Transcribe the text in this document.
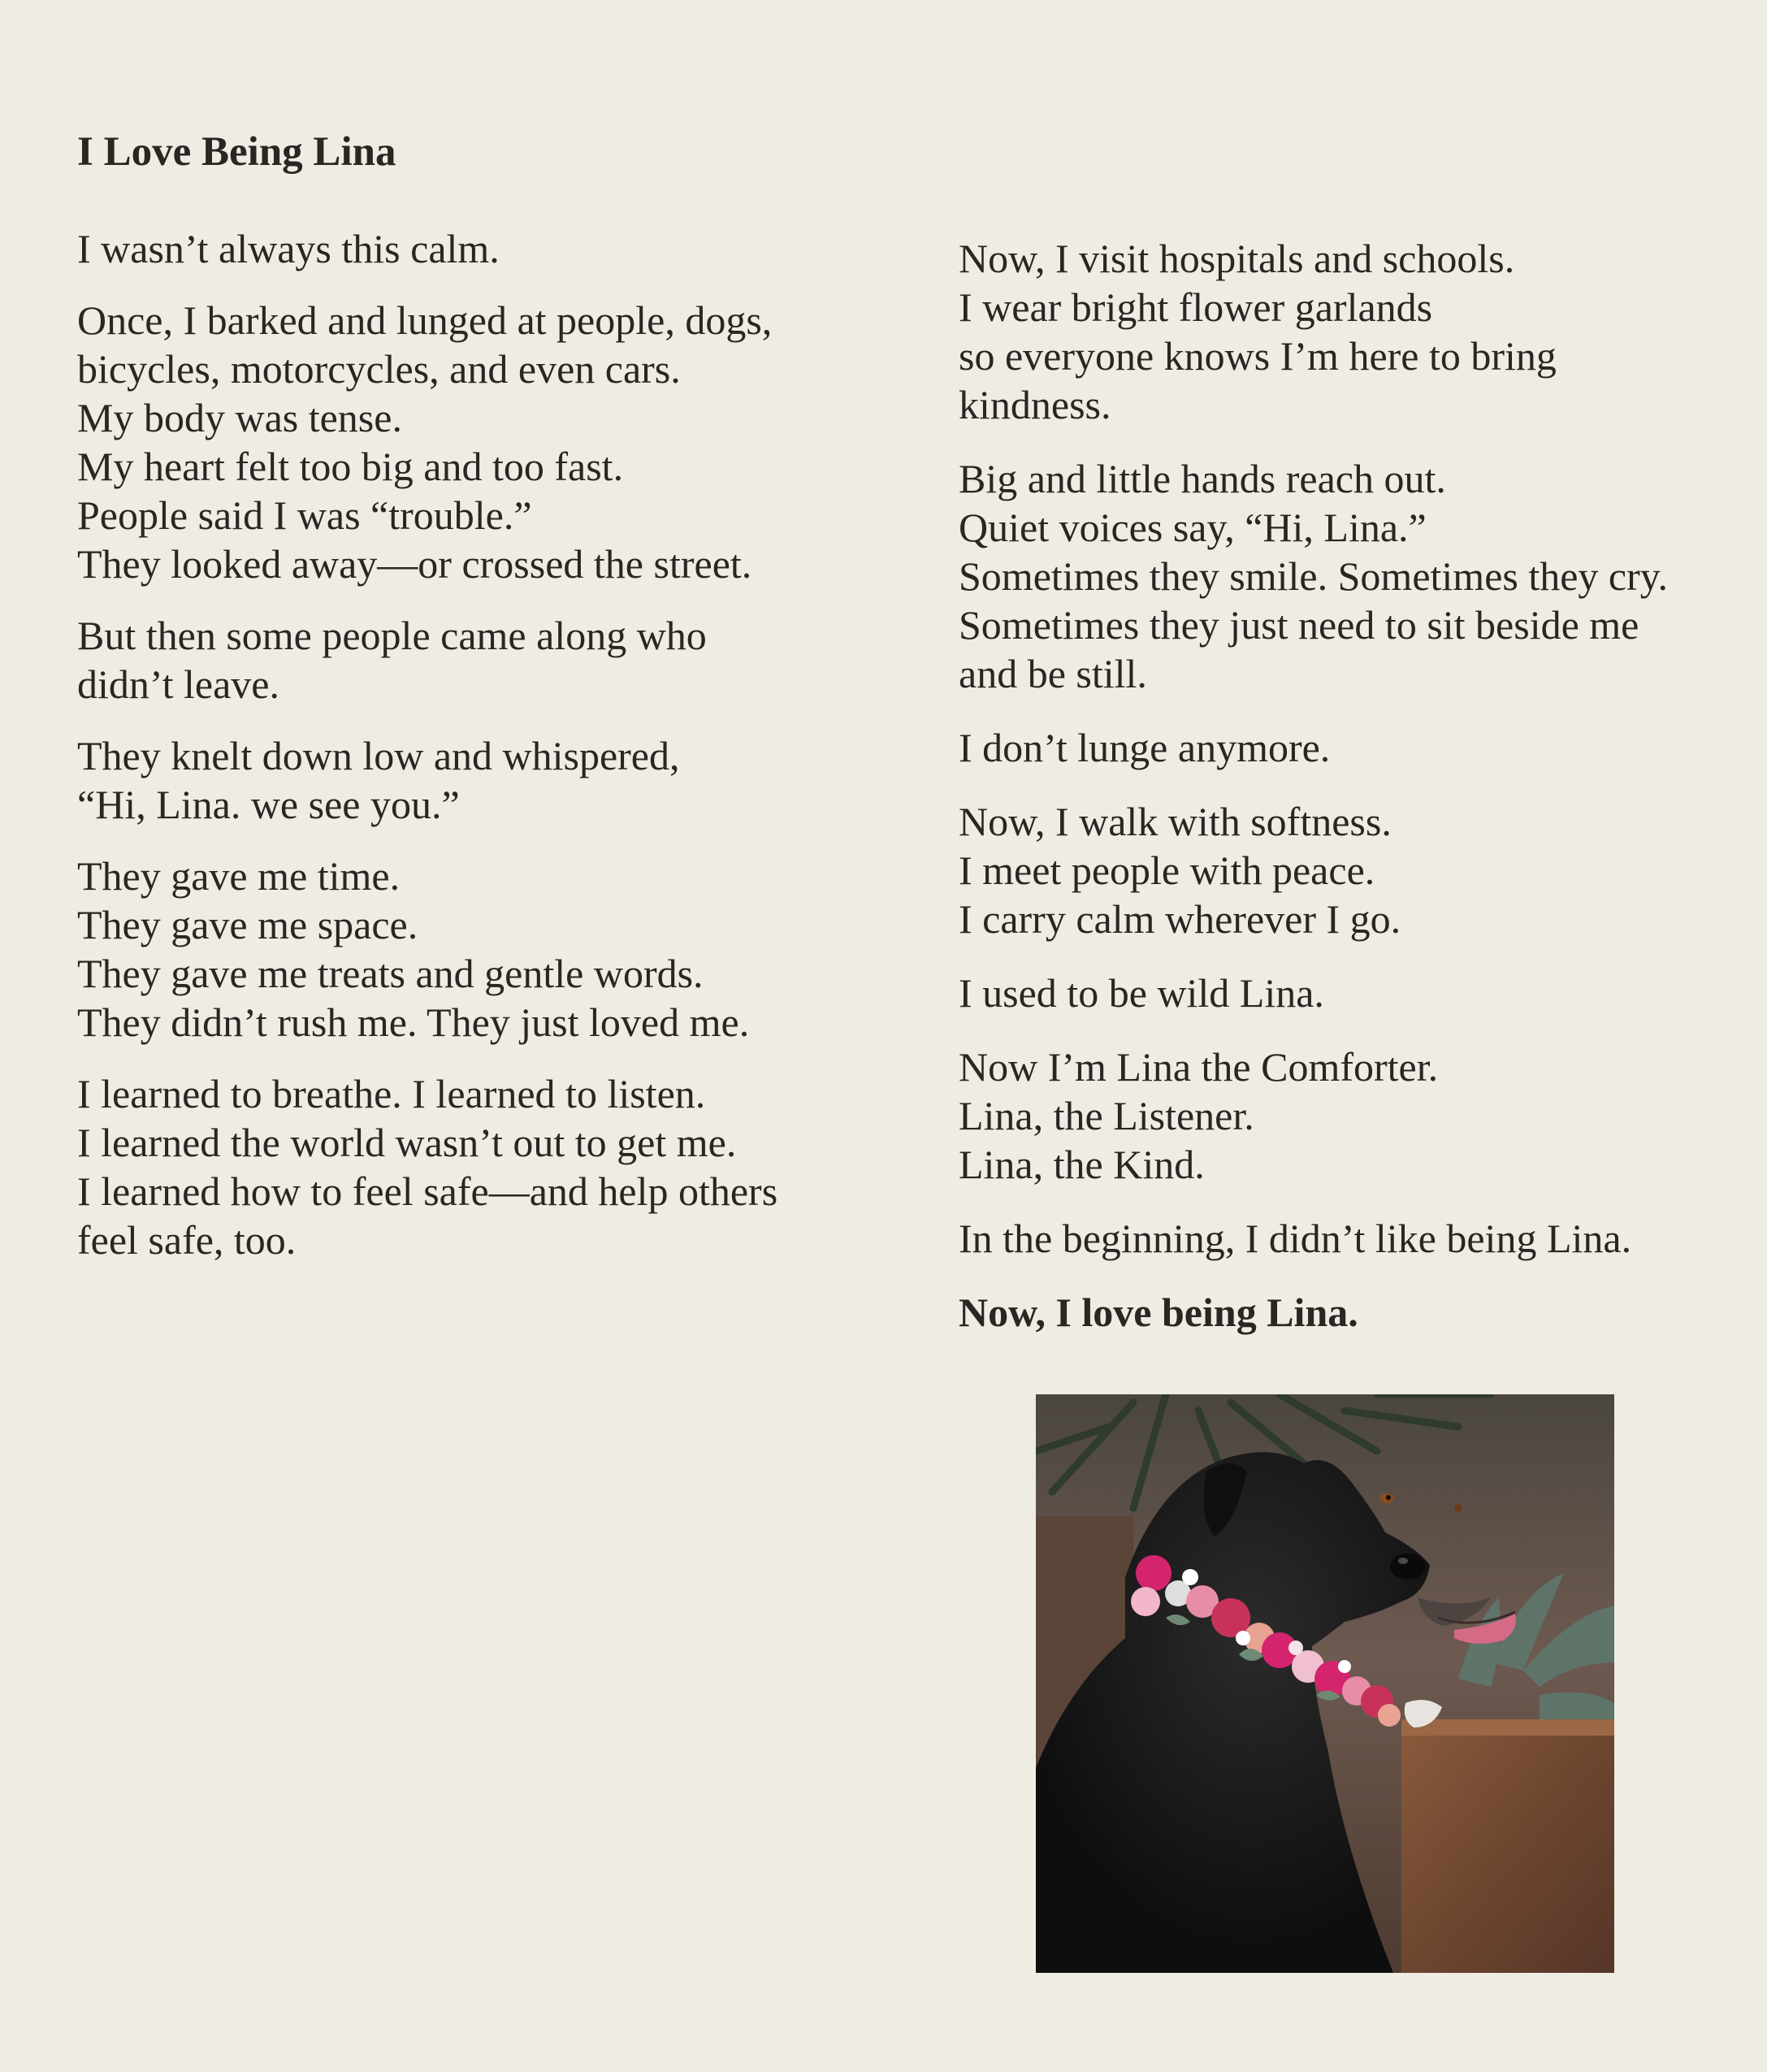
I Love Being Lina

I wasn’t always this calm.

Once, I barked and lunged at people, dogs,
bicycles, motorcycles, and even cars.
My body was tense.
My heart felt too big and too fast.
People said I was “trouble.”
They looked away—or crossed the street.

But then some people came along who
didn’t leave.

They knelt down low and whispered,
“Hi, Lina. we see you.”

They gave me time.
They gave me space.
They gave me treats and gentle words.
They didn’t rush me. They just loved me.

I learned to breathe. I learned to listen.
I learned the world wasn’t out to get me.
I learned how to feel safe—and help others
feel safe, too.

Now, I visit hospitals and schools.
I wear bright flower garlands
so everyone knows I’m here to bring
kindness.

Big and little hands reach out.
Quiet voices say, “Hi, Lina.”
Sometimes they smile. Sometimes they cry.
Sometimes they just need to sit beside me
and be still.

I don’t lunge anymore.

Now, I walk with softness.
I meet people with peace.
I carry calm wherever I go.

I used to be wild Lina.

Now I’m Lina the Comforter.
Lina, the Listener.
Lina, the Kind.

In the beginning, I didn’t like being Lina.

Now, I love being Lina.
